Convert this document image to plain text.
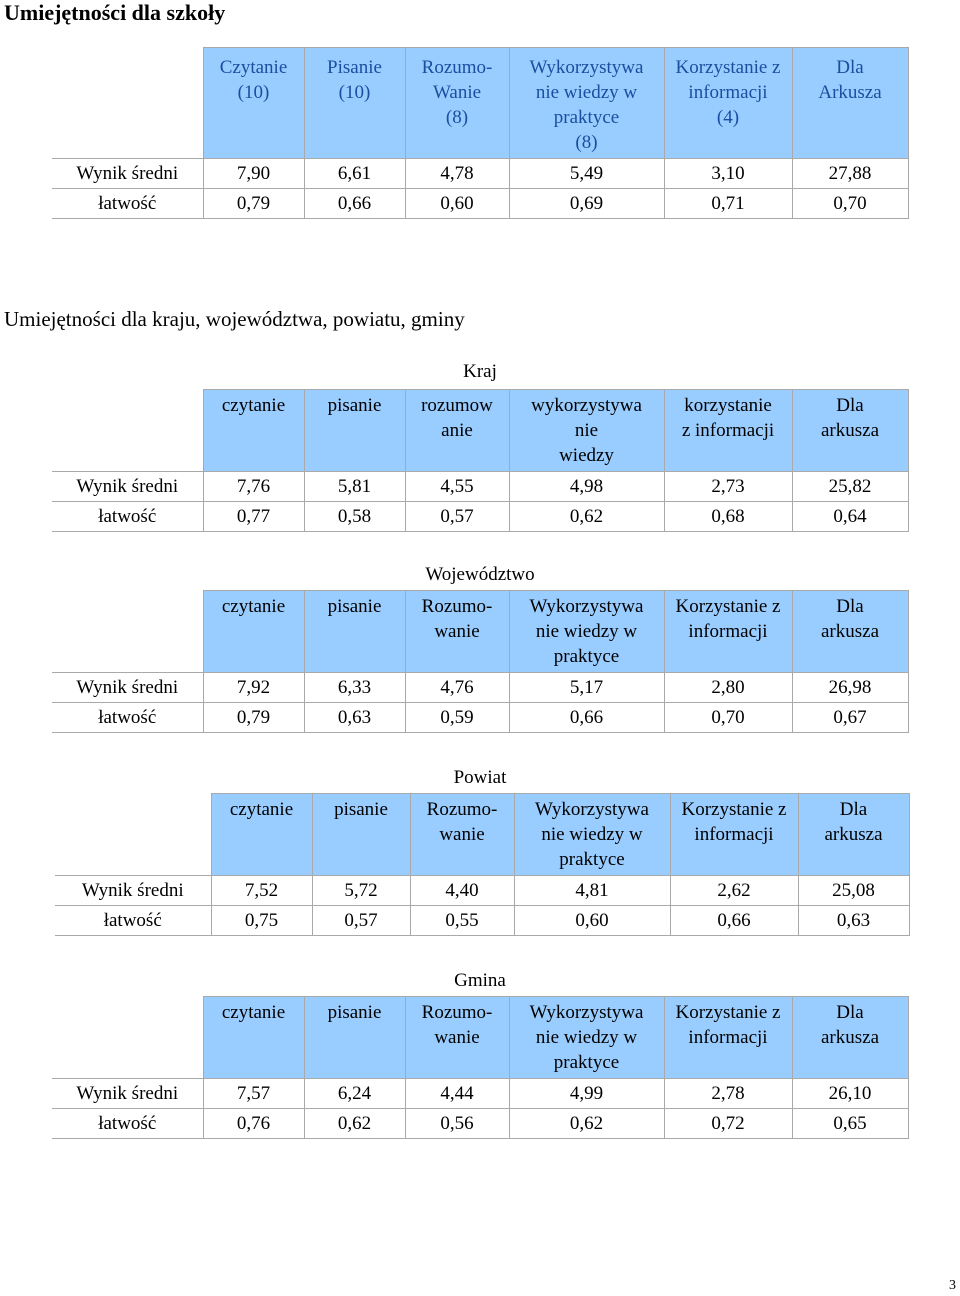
Umiejętności dla szkoły
	Czytanie
(10)	Pisanie
(10)	Rozumo-
Wanie
(8)	Wykorzystywa
nie wiedzy w
praktyce
(8)	Korzystanie z
informacji
(4)	Dla
Arkusza
Wynik średni	7,90	6,61	4,78	5,49	3,10	27,88
łatwość	0,79	0,66	0,60	0,69	0,71	0,70
Umiejętności dla kraju, województwa, powiatu, gminy
Kraj
	czytanie	pisanie	rozumow
anie	wykorzystywa
nie
wiedzy	korzystanie
z informacji	Dla
arkusza
Wynik średni	7,76	5,81	4,55	4,98	2,73	25,82
łatwość	0,77	0,58	0,57	0,62	0,68	0,64
Województwo
	czytanie	pisanie	Rozumo-
wanie	Wykorzystywa
nie wiedzy w
praktyce	Korzystanie z
informacji	Dla
arkusza
Wynik średni	7,92	6,33	4,76	5,17	2,80	26,98
łatwość	0,79	0,63	0,59	0,66	0,70	0,67
Powiat
	czytanie	pisanie	Rozumo-
wanie	Wykorzystywa
nie wiedzy w
praktyce	Korzystanie z
informacji	Dla
arkusza
Wynik średni	7,52	5,72	4,40	4,81	2,62	25,08
łatwość	0,75	0,57	0,55	0,60	0,66	0,63
Gmina
	czytanie	pisanie	Rozumo-
wanie	Wykorzystywa
nie wiedzy w
praktyce	Korzystanie z
informacji	Dla
arkusza
Wynik średni	7,57	6,24	4,44	4,99	2,78	26,10
łatwość	0,76	0,62	0,56	0,62	0,72	0,65
3
